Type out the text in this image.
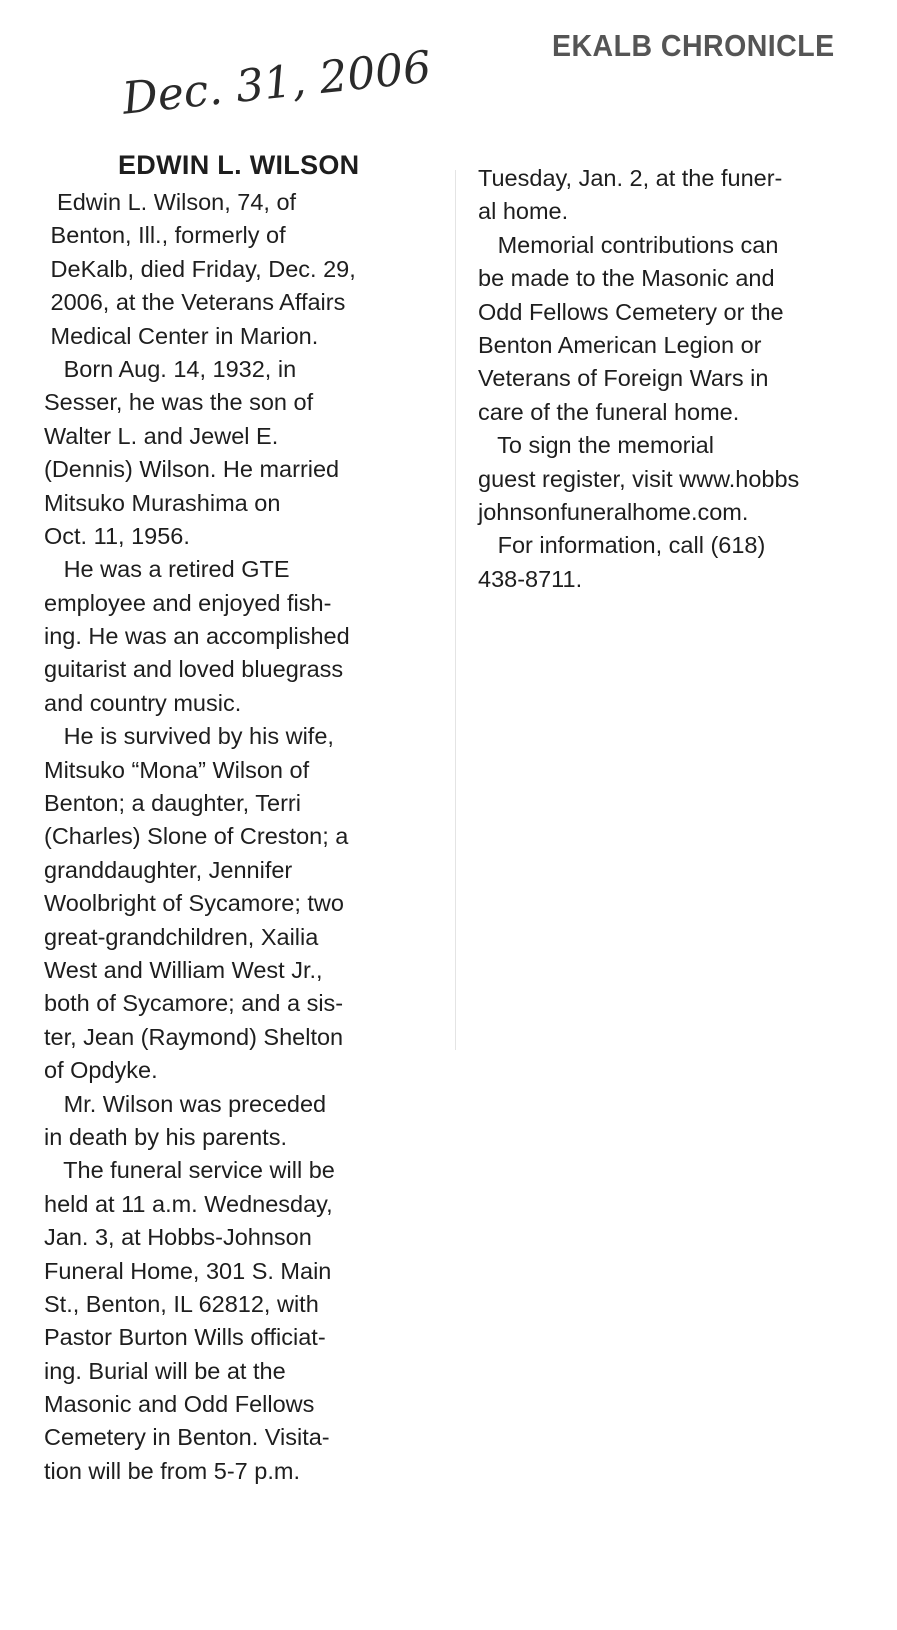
EKALB CHRONICLE
Dec. 31, 2006
EDWIN L. WILSON
Edwin L. Wilson, 74, of
Benton, Ill., formerly of
DeKalb, died Friday, Dec. 29,
2006, at the Veterans Affairs
Medical Center in Marion.
Born Aug. 14, 1932, in
Sesser, he was the son of
Walter L. and Jewel E.
(Dennis) Wilson. He married
Mitsuko Murashima on
Oct. 11, 1956.
He was a retired GTE
employee and enjoyed fish-
ing. He was an accomplished
guitarist and loved bluegrass
and country music.
He is survived by his wife,
Mitsuko “Mona” Wilson of
Benton; a daughter, Terri
(Charles) Slone of Creston; a
granddaughter, Jennifer
Woolbright of Sycamore; two
great-grandchildren, Xailia
West and William West Jr.,
both of Sycamore; and a sis-
ter, Jean (Raymond) Shelton
of Opdyke.
Mr. Wilson was preceded
in death by his parents.
The funeral service will be
held at 11 a.m. Wednesday,
Jan. 3, at Hobbs-Johnson
Funeral Home, 301 S. Main
St., Benton, IL 62812, with
Pastor Burton Wills officiat-
ing. Burial will be at the
Masonic and Odd Fellows
Cemetery in Benton. Visita-
tion will be from 5-7 p.m.
Tuesday, Jan. 2, at the funer-
al home.
Memorial contributions can
be made to the Masonic and
Odd Fellows Cemetery or the
Benton American Legion or
Veterans of Foreign Wars in
care of the funeral home.
To sign the memorial
guest register, visit www.hobbs
johnsonfuneralhome.com.
For information, call (618)
438-8711.
